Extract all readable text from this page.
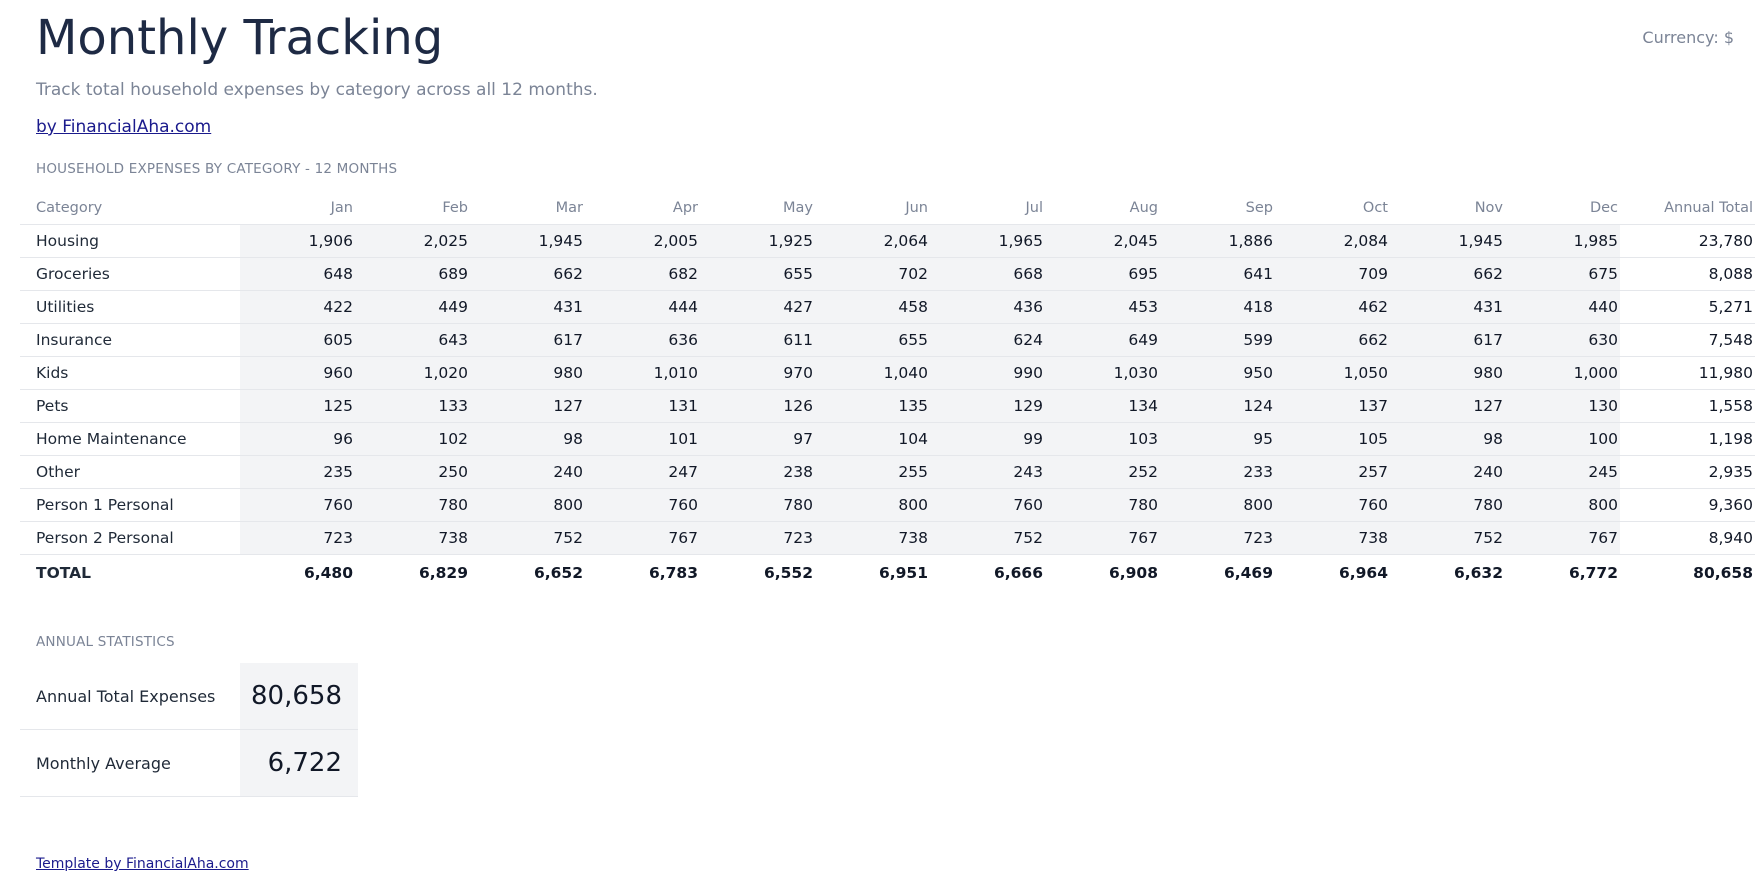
Monthly Tracking	Currency: $
Track total household expenses by category across all 12 months.
by FinancialAha.com
HOUSEHOLD EXPENSES BY CATEGORY - 12 MONTHS
Category	Jan	Feb	Mar	Apr	May	Jun	Jul	Aug	Sep	Oct	Nov	Dec	Annual Total
Housing	1,906	2,025	1,945	2,005	1,925	2,064	1,965	2,045	1,886	2,084	1,945	1,985	23,780
Groceries	648	689	662	682	655	702	668	695	641	709	662	675	8,088
Utilities	422	449	431	444	427	458	436	453	418	462	431	440	5,271
Insurance	605	643	617	636	611	655	624	649	599	662	617	630	7,548
Kids	960	1,020	980	1,010	970	1,040	990	1,030	950	1,050	980	1,000	11,980
Pets	125	133	127	131	126	135	129	134	124	137	127	130	1,558
Home Maintenance	96	102	98	101	97	104	99	103	95	105	98	100	1,198
Other	235	250	240	247	238	255	243	252	233	257	240	245	2,935
Person 1 Personal	760	780	800	760	780	800	760	780	800	760	780	800	9,360
Person 2 Personal	723	738	752	767	723	738	752	767	723	738	752	767	8,940
TOTAL	6,480	6,829	6,652	6,783	6,552	6,951	6,666	6,908	6,469	6,964	6,632	6,772	80,658
ANNUAL STATISTICS
Annual Total Expenses	80,658
Monthly Average	6,722
Template by FinancialAha.com
